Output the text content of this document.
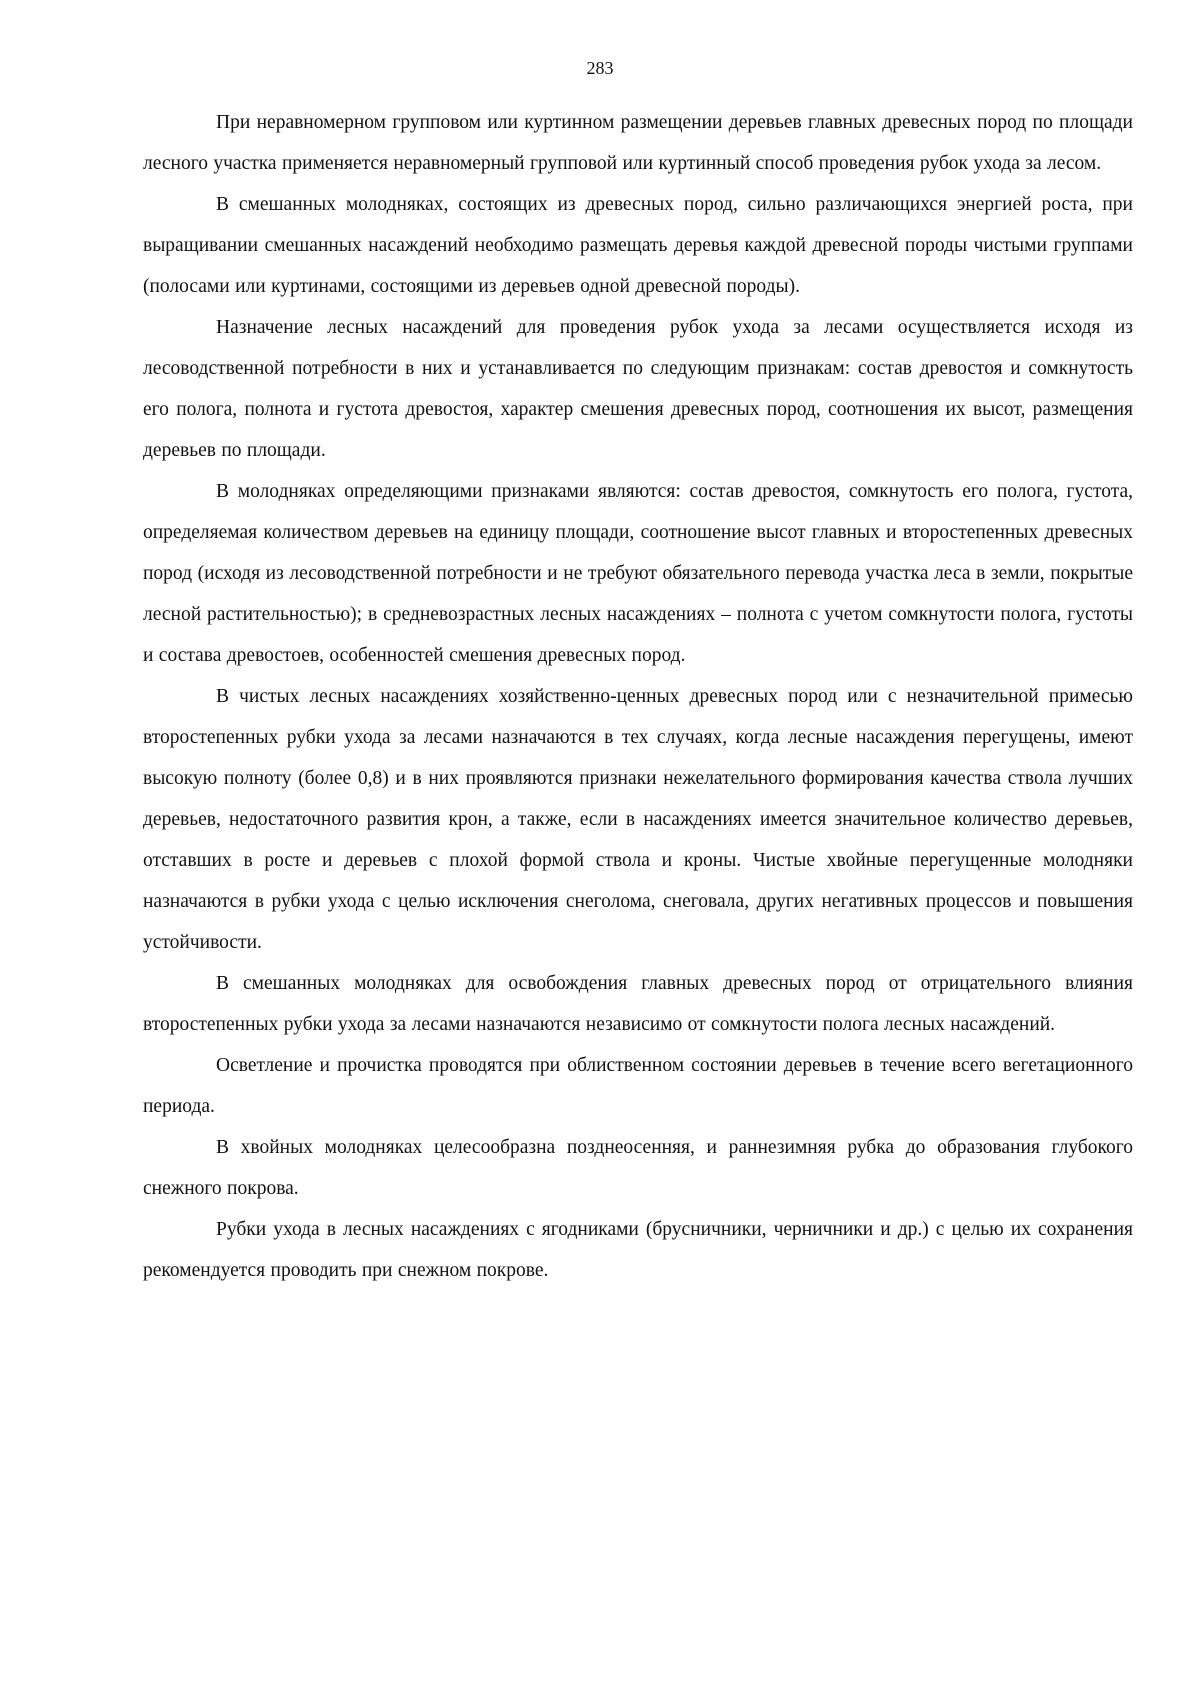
283

При неравномерном групповом или куртинном размещении деревьев главных древесных пород по площади лесного участка применяется неравномерный групповой или куртинный способ проведения рубок ухода за лесом.

В смешанных молодняках, состоящих из древесных пород, сильно различающихся энергией роста, при выращивании смешанных насаждений необходимо размещать деревья каждой древесной породы чистыми группами (полосами или куртинами, состоящими из деревьев одной древесной породы).

Назначение лесных насаждений для проведения рубок ухода за лесами осуществляется исходя из лесоводственной потребности в них и устанавливается по следующим признакам: состав древостоя и сомкнутость его полога, полнота и густота древостоя, характер смешения древесных пород, соотношения их высот, размещения деревьев по площади.

В молодняках определяющими признаками являются: состав древостоя, сомкнутость его полога, густота, определяемая количеством деревьев на единицу площади, соотношение высот главных и второстепенных древесных пород (исходя из лесоводственной потребности и не требуют обязательного перевода участка леса в земли, покрытые лесной растительностью); в средневозрастных лесных насаждениях – полнота с учетом сомкнутости полога, густоты и состава древостоев, особенностей смешения древесных пород.

В чистых лесных насаждениях хозяйственно-ценных древесных пород или с незначительной примесью второстепенных рубки ухода за лесами назначаются в тех случаях, когда лесные насаждения перегущены, имеют высокую полноту (более 0,8) и в них проявляются признаки нежелательного формирования качества ствола лучших деревьев, недостаточного развития крон, а также, если в насаждениях имеется значительное количество деревьев, отставших в росте и деревьев с плохой формой ствола и кроны. Чистые хвойные перегущенные молодняки назначаются в рубки ухода с целью исключения снеголома, снеговала, других негативных процессов и повышения устойчивости.

В смешанных молодняках для освобождения главных древесных пород от отрицательного влияния второстепенных рубки ухода за лесами назначаются независимо от сомкнутости полога лесных насаждений.

Осветление и прочистка проводятся при облиственном состоянии деревьев в течение всего вегетационного периода.

В хвойных молодняках целесообразна позднеосенняя, и раннезимняя рубка до образования глубокого снежного покрова.

Рубки ухода в лесных насаждениях с ягодниками (брусничники, черничники и др.) с целью их сохранения рекомендуется проводить при снежном покрове.
